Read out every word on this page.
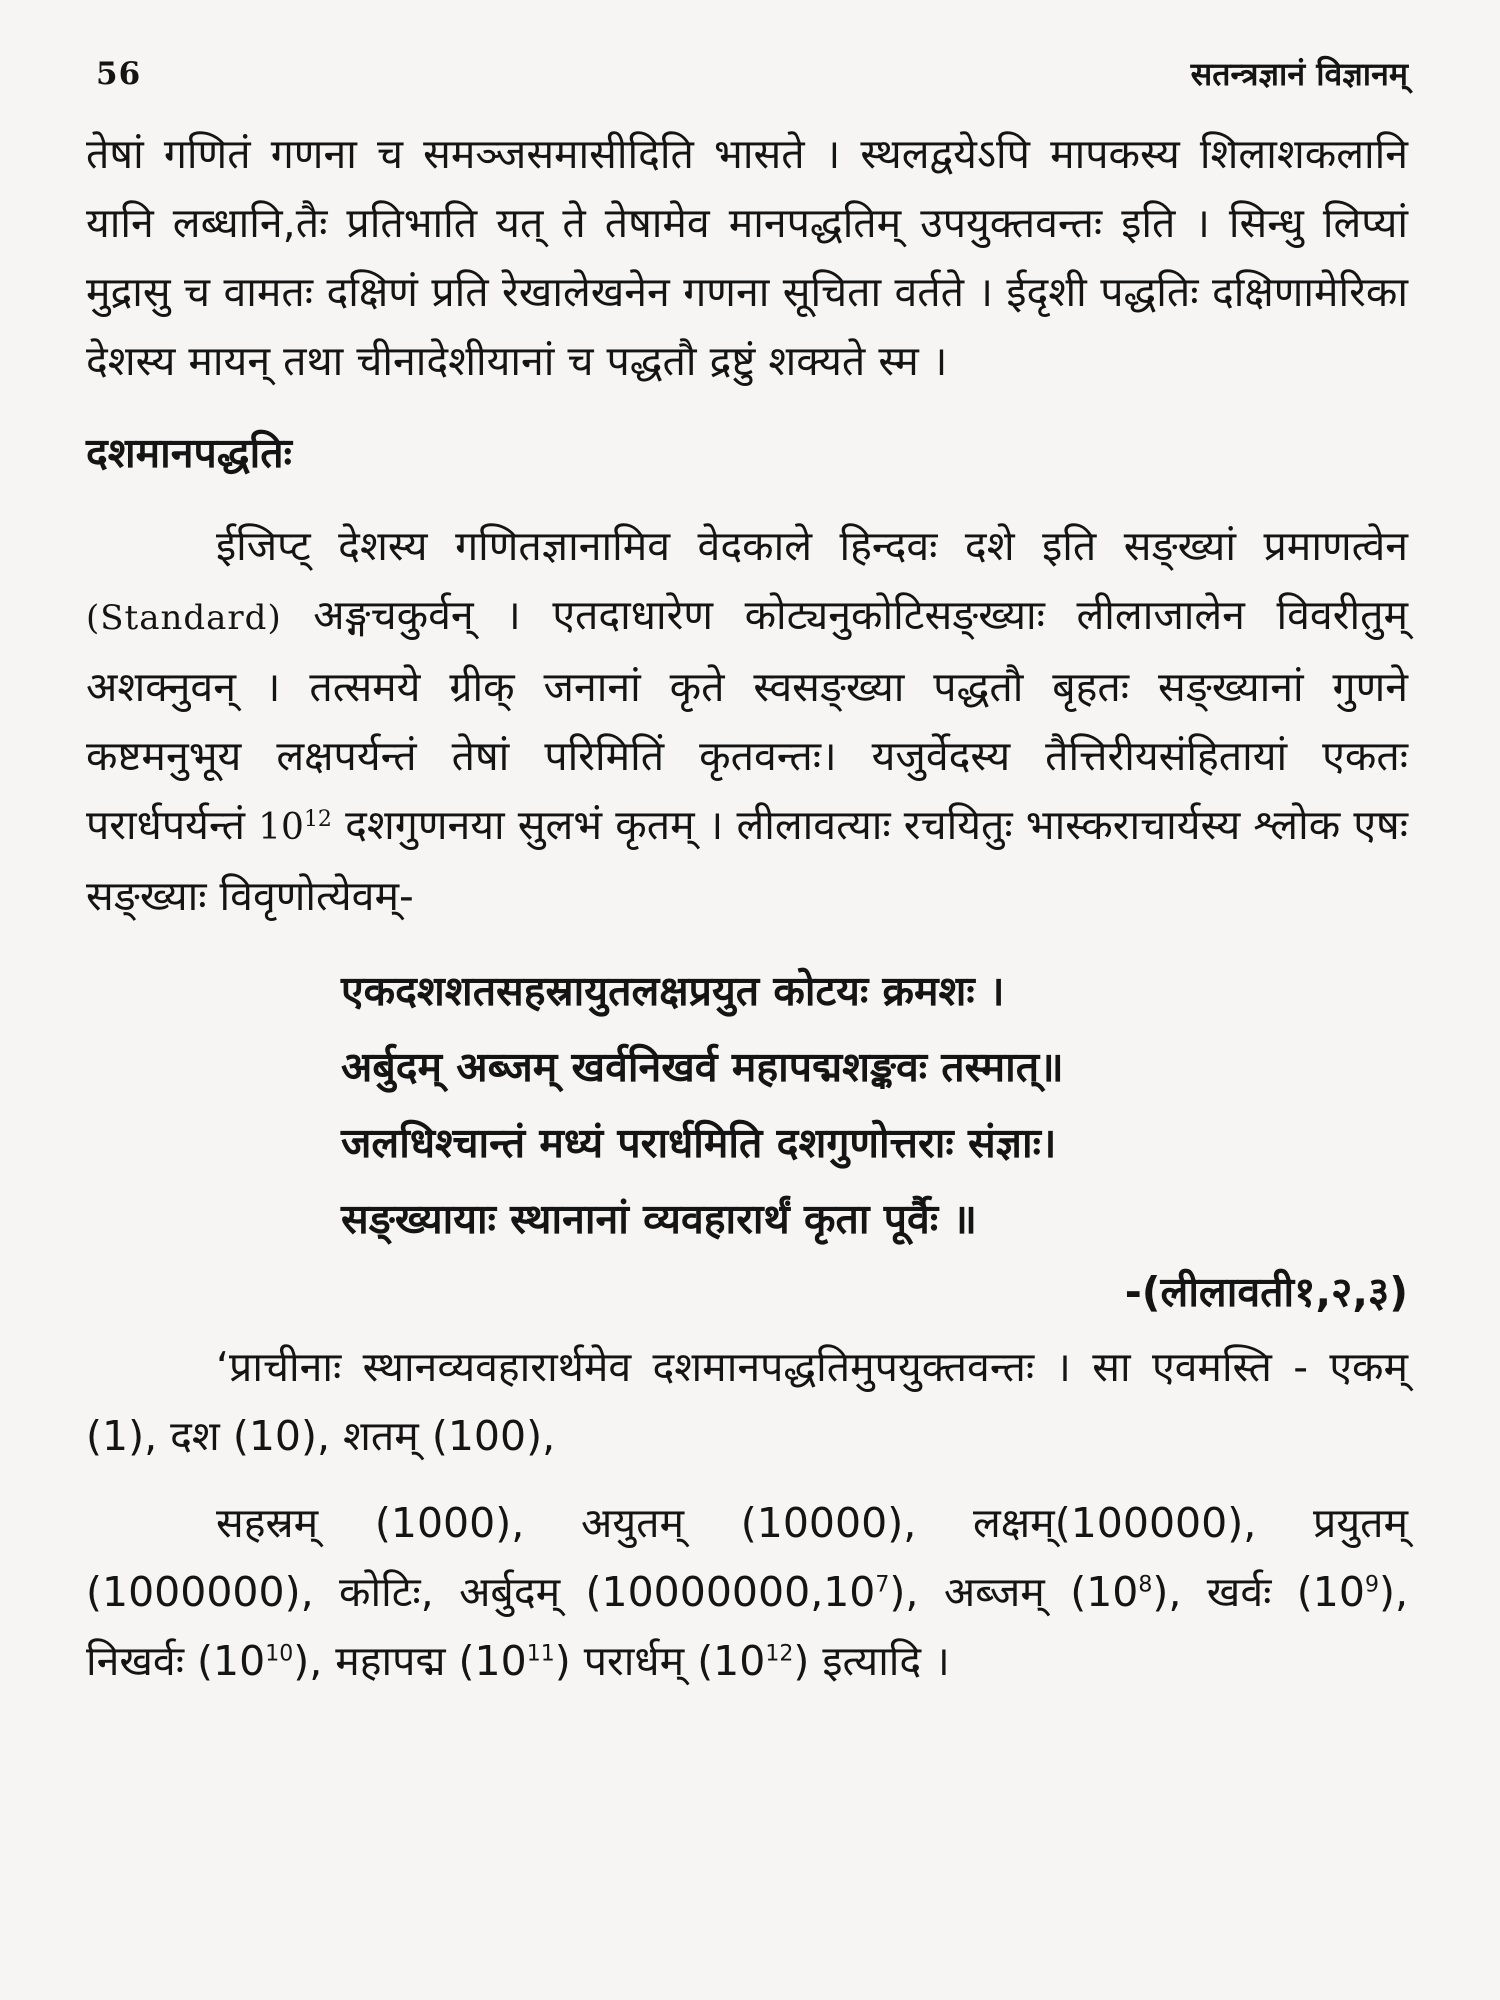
56	सतन्त्रज्ञानं विज्ञानम्

तेषां गणितं गणना च समञ्जसमासीदिति भासते । स्थलद्वयेऽपि मापकस्य शिलाशकलानि यानि लब्धानि,तैः प्रतिभाति यत् ते तेषामेव मानपद्धतिम् उपयुक्तवन्तः इति । सिन्धु लिप्यां मुद्रासु च वामतः दक्षिणं प्रति रेखालेखनेन गणना सूचिता वर्तते । ईदृशी पद्धतिः दक्षिणामेरिका देशस्य मायन् तथा चीनादेशीयानां च पद्धतौ द्रष्टुं शक्यते स्म ।

दशमानपद्धतिः

ईजिप्ट् देशस्य गणितज्ञानामिव वेदकाले हिन्दवः दशे इति सङ्ख्यां प्रमाणत्वेन (Standard) अङ्गचकुर्वन् । एतदाधारेण कोट्यनुकोटिसङ्ख्याः लीलाजालेन विवरीतुम् अशक्नुवन् । तत्समये ग्रीक् जनानां कृते स्वसङ्ख्या पद्धतौ बृहतः सङ्ख्यानां गुणने कष्टमनुभूय लक्षपर्यन्तं तेषां परिमितिं कृतवन्तः। यजुर्वेदस्य तैत्तिरीयसंहितायां एकतः परार्धपर्यन्तं $10^{12}$ दशगुणनया सुलभं कृतम् । लीलावत्याः रचयितुः भास्कराचार्यस्य श्लोक एषः सङ्ख्याः विवृणोत्येवम्-

एकदशशतसहस्रायुतलक्षप्रयुत कोटयः क्रमशः ।
अर्बुदम् अब्जम् खर्वनिखर्व महापद्मशङ्कवः तस्मात्॥
जलधिश्चान्तं मध्यं परार्धमिति दशगुणोत्तराः संज्ञाः।
सङ्ख्यायाः स्थानानां व्यवहारार्थं कृता पूर्वैः ॥
-(लीलावती१,२,३)

‘प्राचीनाः स्थानव्यवहारार्थमेव दशमानपद्धतिमुपयुक्तवन्तः । सा एवमस्ति - एकम् (1), दश (10), शतम् (100),

सहस्रम् (1000), अयुतम् (10000), लक्षम्(100000), प्रयुतम् (1000000), कोटिः, अर्बुदम् (10000000,10$^7$), अब्जम् $(10^8)$, खर्वः $(10^9)$, निखर्वः $(10^{10})$, महापद्म $(10^{11})$ परार्धम् $(10^{12})$ इत्यादि ।
